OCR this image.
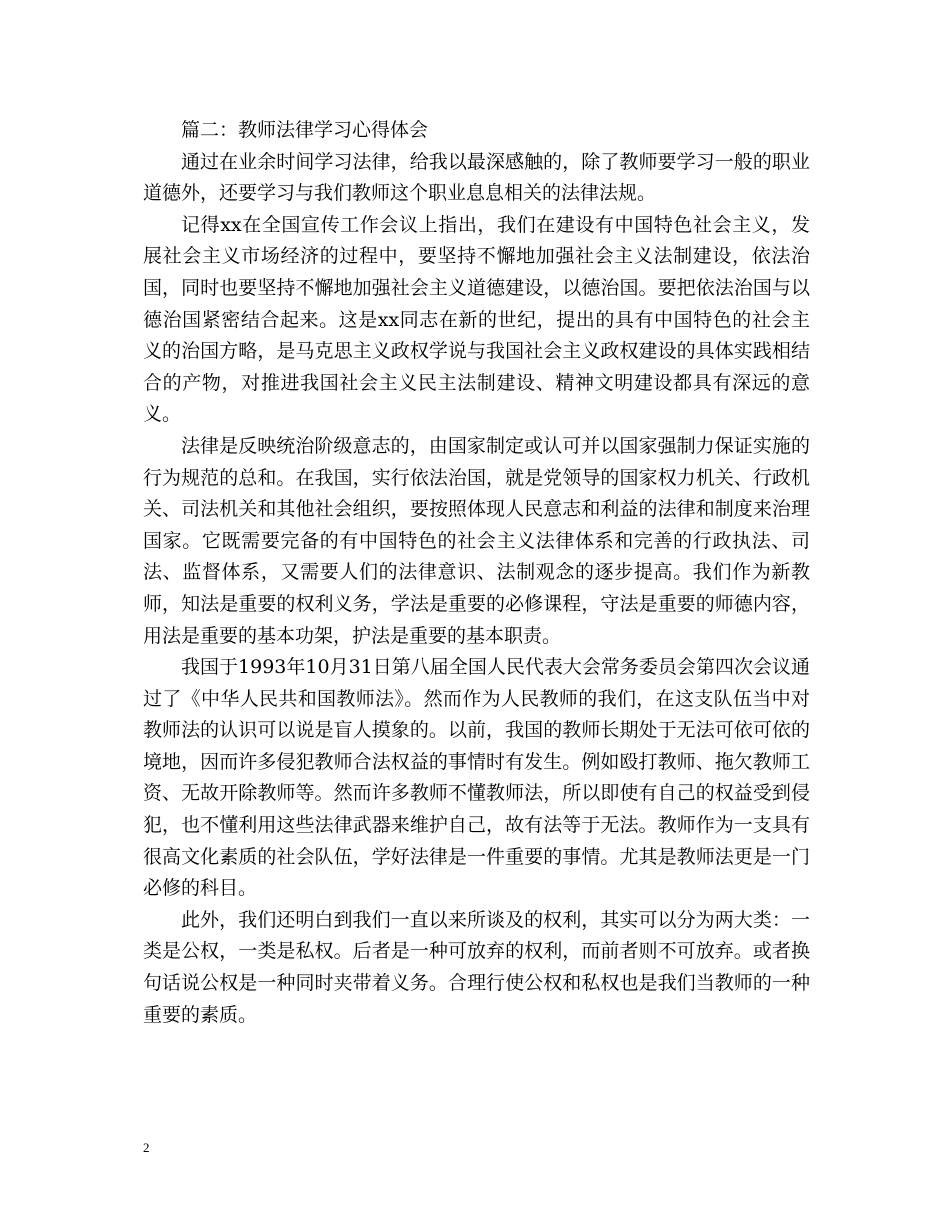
篇二：教师法律学习心得体会

通过在业余时间学习法律，给我以最深感触的，除了教师要学习一般的职业道德外，还要学习与我们教师这个职业息息相关的法律法规。

记得xx在全国宣传工作会议上指出，我们在建设有中国特色社会主义，发展社会主义市场经济的过程中，要坚持不懈地加强社会主义法制建设，依法治国，同时也要坚持不懈地加强社会主义道德建设，以德治国。要把依法治国与以德治国紧密结合起来。这是xx同志在新的世纪，提出的具有中国特色的社会主义的治国方略，是马克思主义政权学说与我国社会主义政权建设的具体实践相结合的产物，对推进我国社会主义民主法制建设、精神文明建设都具有深远的意义。

法律是反映统治阶级意志的，由国家制定或认可并以国家强制力保证实施的行为规范的总和。在我国，实行依法治国，就是党领导的国家权力机关、行政机关、司法机关和其他社会组织，要按照体现人民意志和利益的法律和制度来治理国家。它既需要完备的有中国特色的社会主义法律体系和完善的行政执法、司法、监督体系，又需要人们的法律意识、法制观念的逐步提高。我们作为新教师，知法是重要的权利义务，学法是重要的必修课程，守法是重要的师德内容，用法是重要的基本功架，护法是重要的基本职责。

我国于1993年10月31日第八届全国人民代表大会常务委员会第四次会议通过了《中华人民共和国教师法》。然而作为人民教师的我们，在这支队伍当中对教师法的认识可以说是盲人摸象的。以前，我国的教师长期处于无法可依可依的境地，因而许多侵犯教师合法权益的事情时有发生。例如殴打教师、拖欠教师工资、无故开除教师等。然而许多教师不懂教师法，所以即使有自己的权益受到侵犯，也不懂利用这些法律武器来维护自己，故有法等于无法。教师作为一支具有很高文化素质的社会队伍，学好法律是一件重要的事情。尤其是教师法更是一门必修的科目。

此外，我们还明白到我们一直以来所谈及的权利，其实可以分为两大类：一类是公权，一类是私权。后者是一种可放弃的权利，而前者则不可放弃。或者换句话说公权是一种同时夹带着义务。合理行使公权和私权也是我们当教师的一种重要的素质。

2
